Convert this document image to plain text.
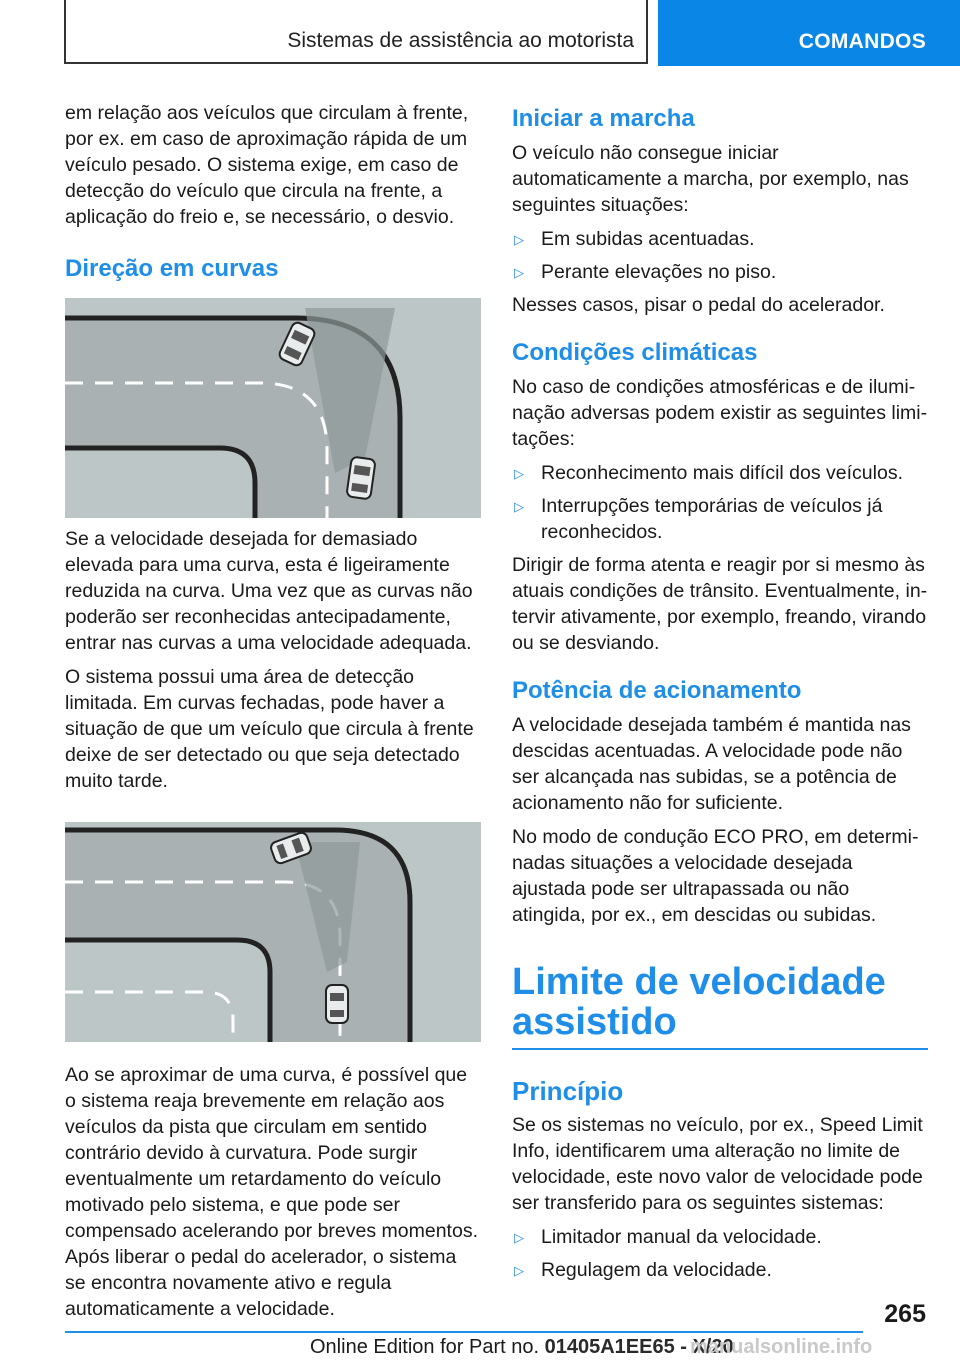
Sistemas de assistência ao motorista	COMANDOS

em relação aos veículos que circulam à frente, por ex. em caso de aproximação rápida de um veículo pesado. O sistema exige, em caso de detecção do veículo que circula na frente, a aplicação do freio e, se necessário, o desvio.

Direção em curvas

Se a velocidade desejada for demasiado elevada para uma curva, esta é ligeiramente reduzida na curva. Uma vez que as curvas não poderão ser reconhecidas antecipadamente, entrar nas curvas a uma velocidade adequada.

O sistema possui uma área de detecção limitada. Em curvas fechadas, pode haver a situação de que um veículo que circula à frente deixe de ser detectado ou que seja detectado muito tarde.

Ao se aproximar de uma curva, é possível que o sistema reaja brevemente em relação aos veículos da pista que circulam em sentido contrário devido à curvatura. Pode surgir eventualmente um retardamento do veículo motivado pelo sistema, e que pode ser compensado acelerando por breves momentos. Após liberar o pedal do acelerador, o sistema se encontra novamente ativo e regula automaticamente a velocidade.

Iniciar a marcha

O veículo não consegue iniciar automaticamente a marcha, por exemplo, nas seguintes situações:

▷ Em subidas acentuadas.
▷ Perante elevações no piso.

Nesses casos, pisar o pedal do acelerador.

Condições climáticas

No caso de condições atmosféricas e de iluminação adversas podem existir as seguintes limitações:

▷ Reconhecimento mais difícil dos veículos.
▷ Interrupções temporárias de veículos já reconhecidos.

Dirigir de forma atenta e reagir por si mesmo às atuais condições de trânsito. Eventualmente, intervir ativamente, por exemplo, freando, virando ou se desviando.

Potência de acionamento

A velocidade desejada também é mantida nas descidas acentuadas. A velocidade pode não ser alcançada nas subidas, se a potência de acionamento não for suficiente.

No modo de condução ECO PRO, em determinadas situações a velocidade desejada ajustada pode ser ultrapassada ou não atingida, por ex., em descidas ou subidas.

Limite de velocidade assistido
Princípio

Se os sistemas no veículo, por ex., Speed Limit Info, identificarem uma alteração no limite de velocidade, este novo valor de velocidade pode ser transferido para os seguintes sistemas:

▷ Limitador manual da velocidade.
▷ Regulagem da velocidade.
265
Online Edition for Part no. 01405A1EE65 - X/20
manualsonline.info
